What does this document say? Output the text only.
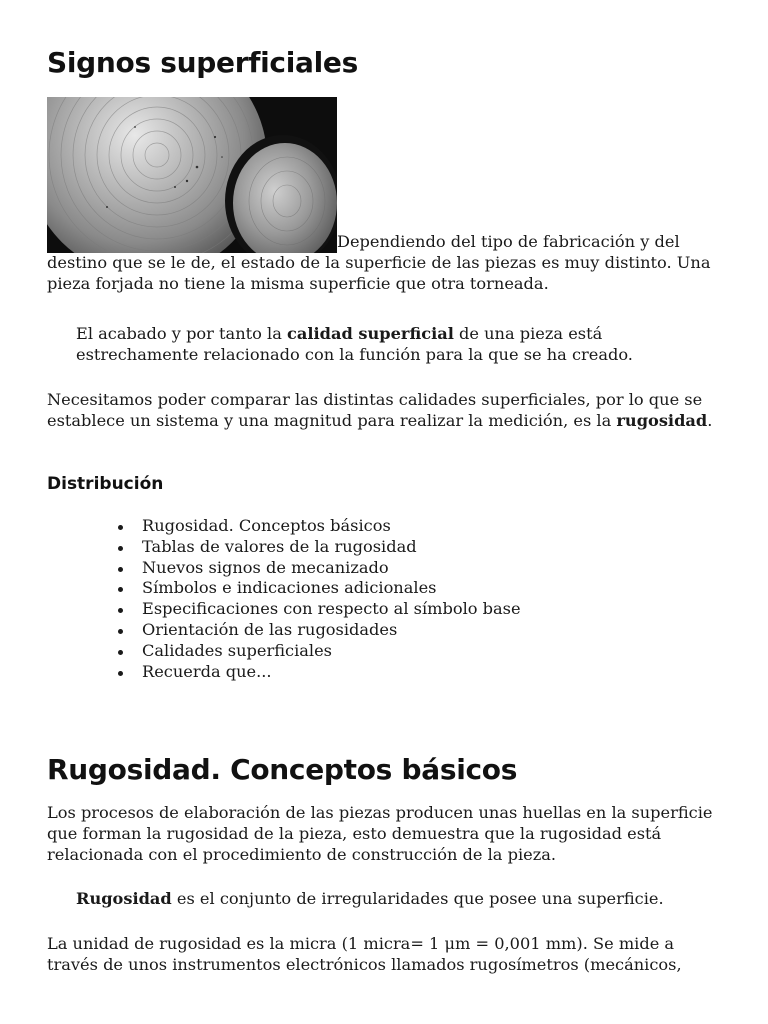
Signos superficiales

Dependiendo del tipo de fabricación y del destino que se le de, el estado de la superficie de las piezas es muy distinto. Una pieza forjada no tiene la misma superficie que otra torneada.

El acabado y por tanto la calidad superficial de una pieza está estrechamente relacionado con la función para la que se ha creado.

Necesitamos poder comparar las distintas calidades superficiales, por lo que se establece un sistema y una magnitud para realizar la medición, es la rugosidad.

Distribución
Rugosidad. Conceptos básicos
Tablas de valores de la rugosidad
Nuevos signos de mecanizado
Símbolos e indicaciones adicionales
Especificaciones con respecto al símbolo base
Orientación de las rugosidades
Calidades superficiales
Recuerda que...
Rugosidad. Conceptos básicos

Los procesos de elaboración de las piezas producen unas huellas en la superficie que forman la rugosidad de la pieza, esto demuestra que la rugosidad está relacionada con el procedimiento de construcción de la pieza.

Rugosidad es el conjunto de irregularidades que posee una superficie.

La unidad de rugosidad es la micra (1 micra= 1 μm = 0,001 mm). Se mide a través de unos instrumentos electrónicos llamados rugosímetros (mecánicos,
